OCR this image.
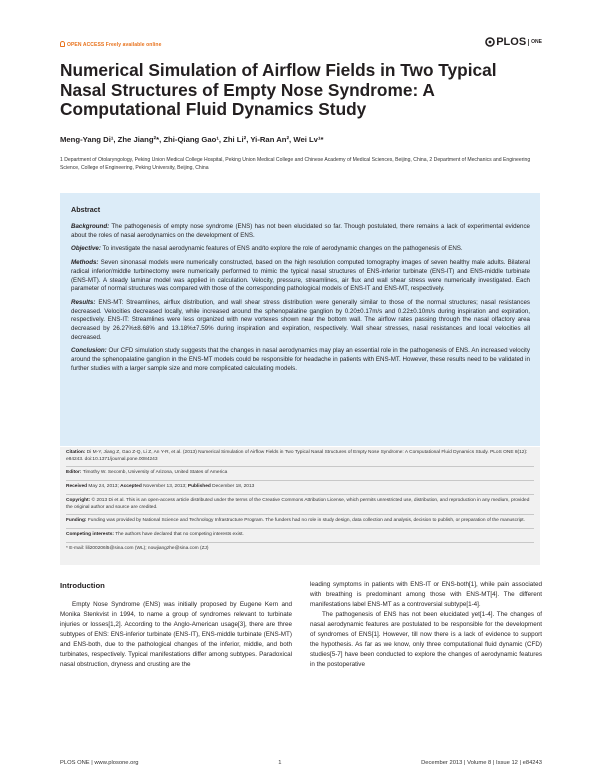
OPEN ACCESS Freely available online	PLOS	ONE
Numerical Simulation of Airflow Fields in Two Typical Nasal Structures of Empty Nose Syndrome: A Computational Fluid Dynamics Study
Meng-Yang Di¹, Zhe Jiang²*, Zhi-Qiang Gao¹, Zhi Li², Yi-Ran An², Wei Lv¹*
1 Department of Otolaryngology, Peking Union Medical College Hospital, Peking Union Medical College and Chinese Academy of Medical Sciences, Beijing, China, 2 Department of Mechanics and Engineering Science, College of Engineering, Peking University, Beijing, China
Abstract

Background: The pathogenesis of empty nose syndrome (ENS) has not been elucidated so far. Though postulated, there remains a lack of experimental evidence about the roles of nasal aerodynamics on the development of ENS.

Objective: To investigate the nasal aerodynamic features of ENS and/to explore the role of aerodynamic changes on the pathogenesis of ENS.

Methods: Seven sinonasal models were numerically constructed, based on the high resolution computed tomography images of seven healthy male adults. Bilateral radical inferior/middle turbinectomy were numerically performed to mimic the typical nasal structures of ENS-inferior turbinate (ENS-IT) and ENS-middle turbinate (ENS-MT). A steady laminar model was applied in calculation. Velocity, pressure, streamlines, air flux and wall shear stress were numerically investigated. Each parameter of normal structures was compared with those of the corresponding pathological models of ENS-IT and ENS-MT, respectively.

Results: ENS-MT: Streamlines, airflux distribution, and wall shear stress distribution were generally similar to those of the normal structures; nasal resistances decreased. Velocities decreased locally, while increased around the sphenopalatine ganglion by 0.20±0.17m/s and 0.22±0.10m/s during inspiration and expiration, respectively. ENS-IT: Streamlines were less organized with new vortexes shown near the bottom wall. The airflow rates passing through the nasal olfactory area decreased by 26.27%±8.68% and 13.18%±7.59% during inspiration and expiration, respectively. Wall shear stresses, nasal resistances and local velocities all decreased.

Conclusion: Our CFD simulation study suggests that the changes in nasal aerodynamics may play an essential role in the pathogenesis of ENS. An increased velocity around the sphenopalatine ganglion in the ENS-MT models could be responsible for headache in patients with ENS-MT. However, these results need to be validated in further studies with a larger sample size and more complicated calculating models.

Citation: Di M-Y, Jiang Z, Gao Z-Q, Li Z, An Y-R, et al. (2013) Numerical Simulation of Airflow Fields in Two Typical Nasal Structures of Empty Nose Syndrome: A Computational Fluid Dynamics Study. PLoS ONE 8(12): e84243. doi:10.1371/journal.pone.0084243

Editor: Timothy W. Secomb, University of Arizona, United States of America

Received May 24, 2013; Accepted November 13, 2013; Published December 18, 2013

Copyright: © 2013 Di et al. This is an open-access article distributed under the terms of the Creative Commons Attribution License, which permits unrestricted use, distribution, and reproduction in any medium, provided the original author and source are credited.

Funding: Funding was provided by National Science and Technology Infrastructure Program. The funders had no role in study design, data collection and analysis, decision to publish, or preparation of the manuscript.

Competing interests: The authors have declared that no competing interests exist.

* E-mail: lili200206l5@sina.com (WL); nowjiangzhe@sina.com (ZJ)

Introduction
Empty Nose Syndrome (ENS) was initially proposed by Eugene Kern and Monika Stenkvist in 1994, to name a group of syndromes relevant to turbinate injuries or losses[1,2]. According to the Anglo-American usage[3], there are three subtypes of ENS: ENS-inferior turbinate (ENS-IT), ENS-middle turbinate (ENS-MT) and ENS-both, due to the pathological changes of the inferior, middle, and both turbinates, respectively. Typical manifestations differ among subtypes. Paradoxical nasal obstruction, dryness and crusting are the

leading symptoms in patients with ENS-IT or ENS-both[1], while pain associated with breathing is predominant among those with ENS-MT[4]. The different manifestations label ENS-MT as a controversial subtype[1-4].

The pathogenesis of ENS has not been elucidated yet[1-4]. The changes of nasal aerodynamic features are postulated to be responsible for the development of syndromes of ENS[1]. However, till now there is a lack of evidence to support the hypothesis. As far as we know, only three computational fluid dynamic (CFD) studies[5-7] have been conducted to explore the changes of aerodynamic features in the postoperative

PLOS ONE | www.plosone.org	1	December 2013 | Volume 8 | Issue 12 | e84243
